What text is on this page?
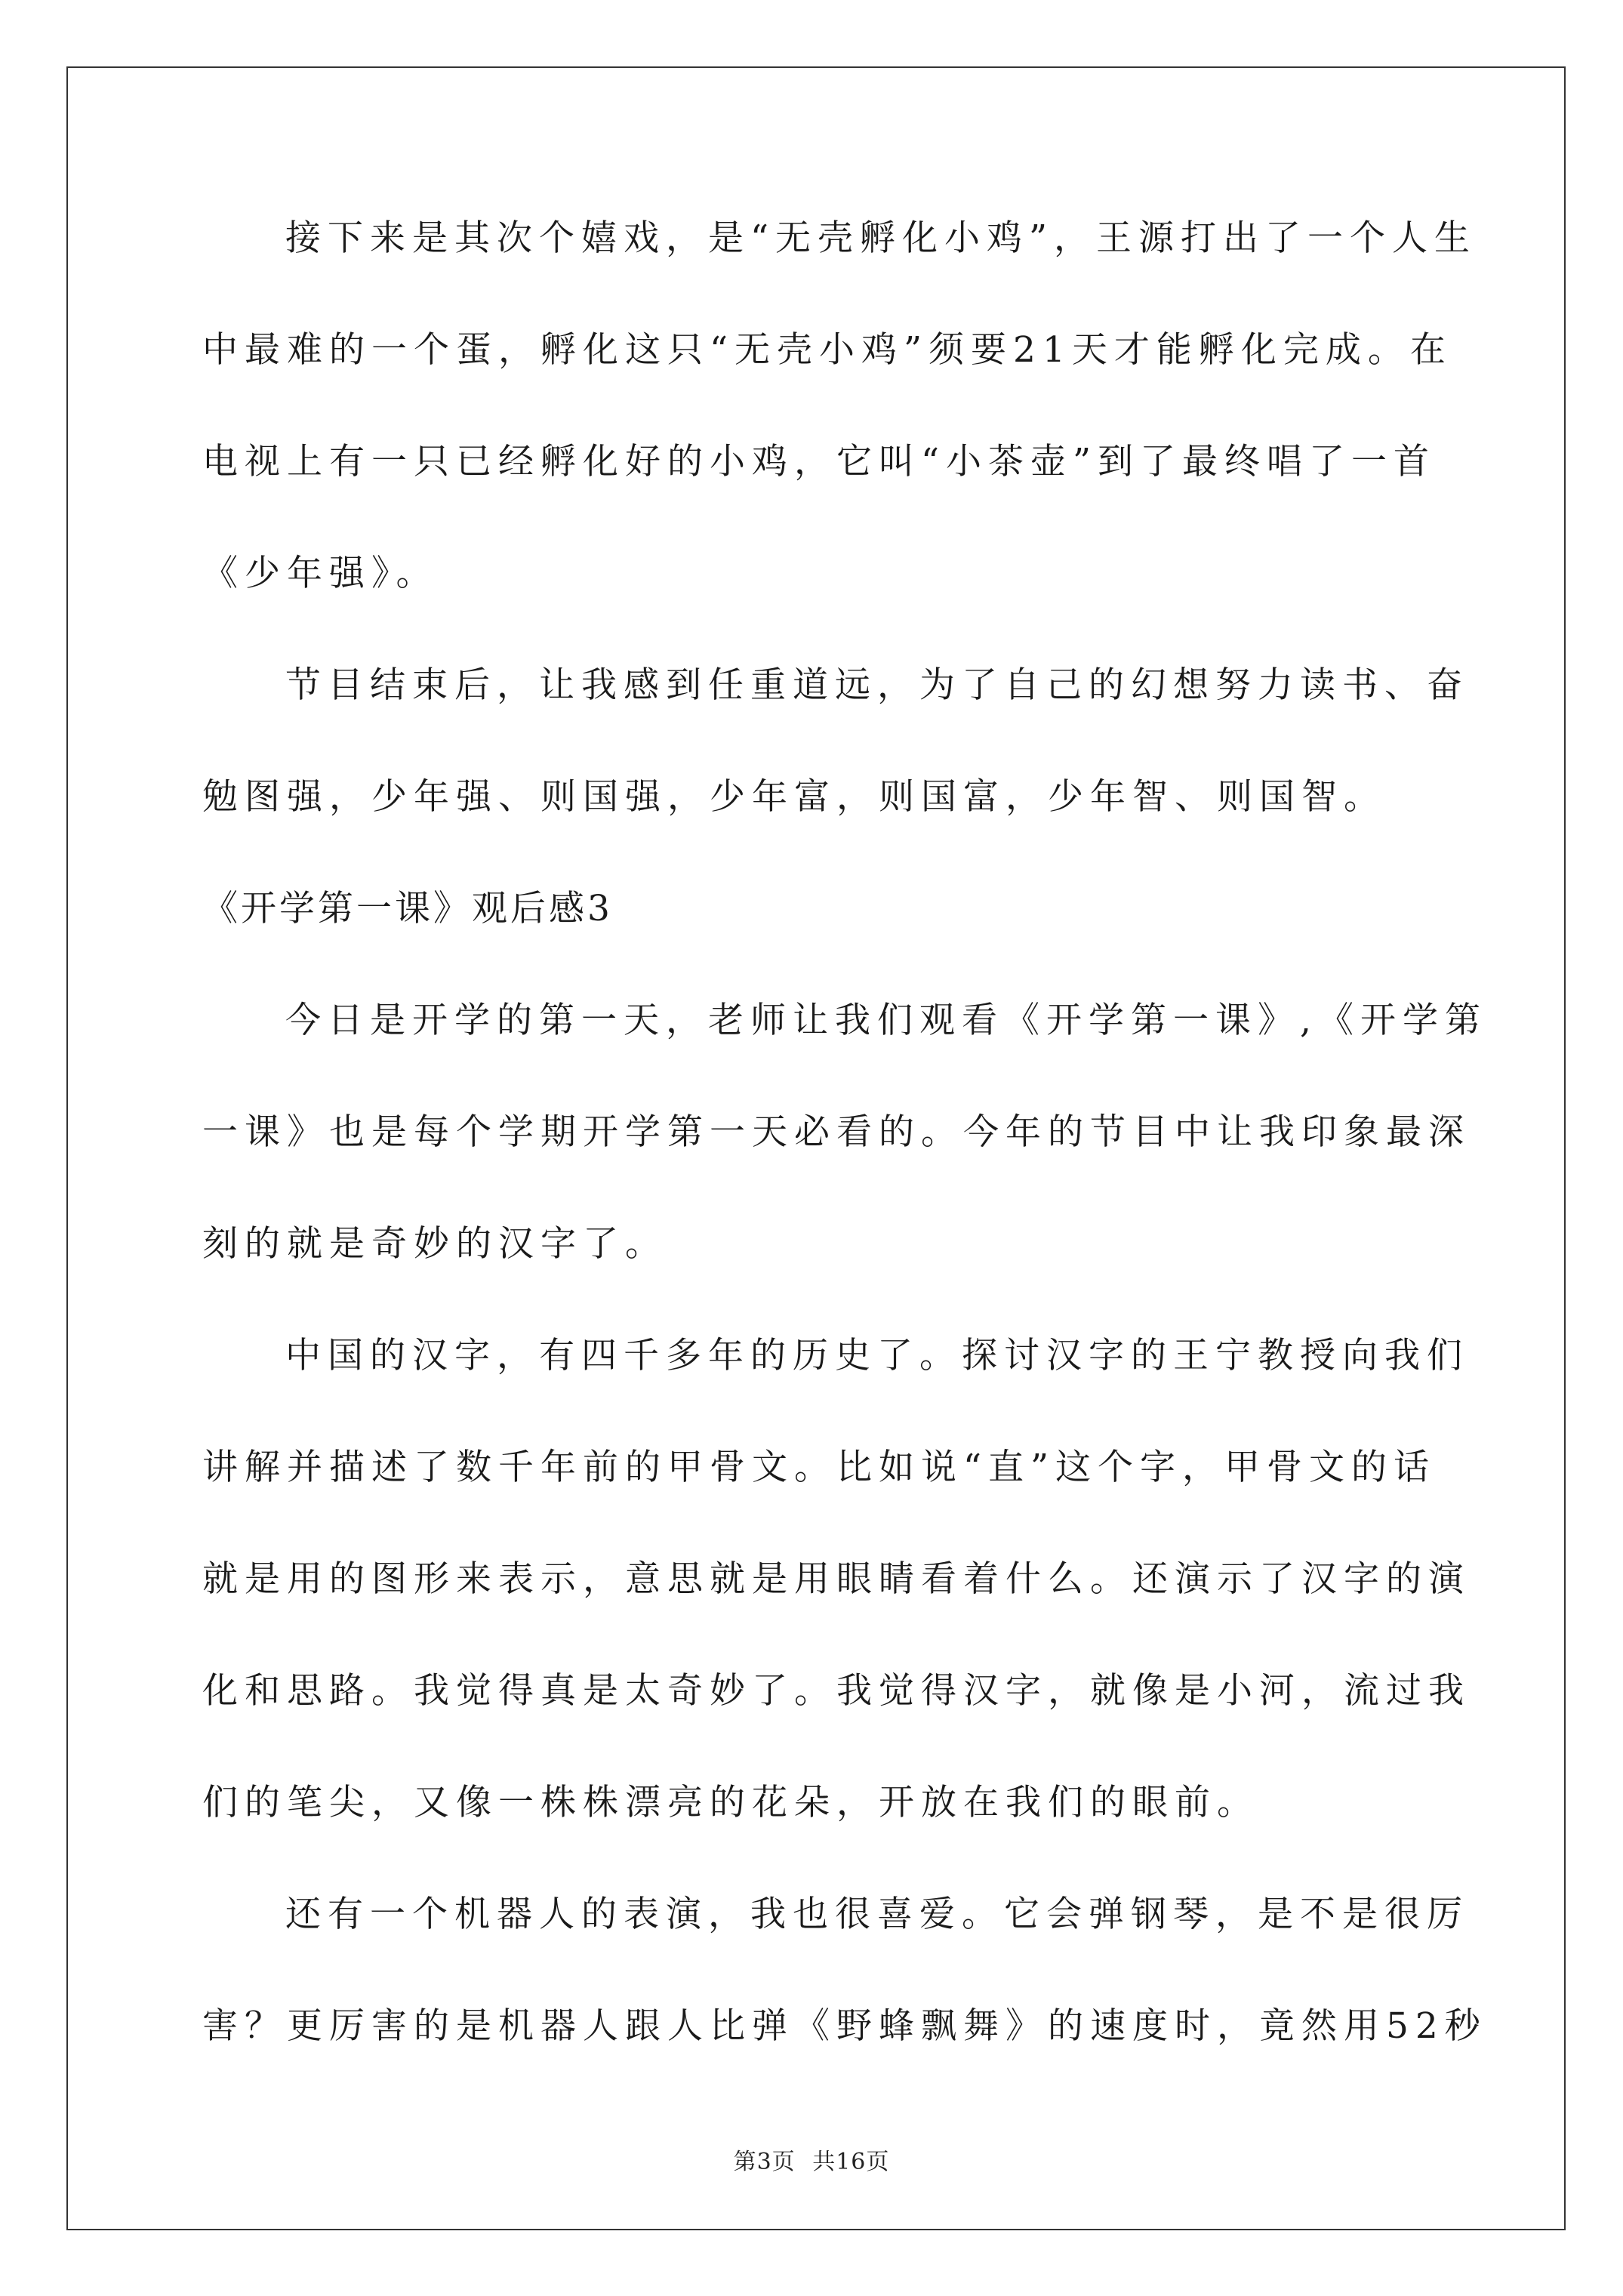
接下来是其次个嬉戏，是“无壳孵化小鸡”，王源打出了一个人生
中最难的一个蛋，孵化这只“无壳小鸡”须要21天才能孵化完成。在
电视上有一只已经孵化好的小鸡，它叫“小茶壶”到了最终唱了一首
《少年强》。
节目结束后，让我感到任重道远，为了自己的幻想努力读书、奋
勉图强，少年强、则国强，少年富，则国富，少年智、则国智。
《开学第一课》观后感3
今日是开学的第一天，老师让我们观看《开学第一课》,《开学第
一课》也是每个学期开学第一天必看的。今年的节目中让我印象最深
刻的就是奇妙的汉字了。
中国的汉字，有四千多年的历史了。探讨汉字的王宁教授向我们
讲解并描述了数千年前的甲骨文。比如说“直”这个字，甲骨文的话
就是用的图形来表示，意思就是用眼睛看着什么。还演示了汉字的演
化和思路。我觉得真是太奇妙了。我觉得汉字，就像是小河，流过我
们的笔尖，又像一株株漂亮的花朵，开放在我们的眼前。
还有一个机器人的表演，我也很喜爱。它会弹钢琴，是不是很厉
害？更厉害的是机器人跟人比弹《野蜂飘舞》的速度时，竟然用52秒
第3页 共16页
